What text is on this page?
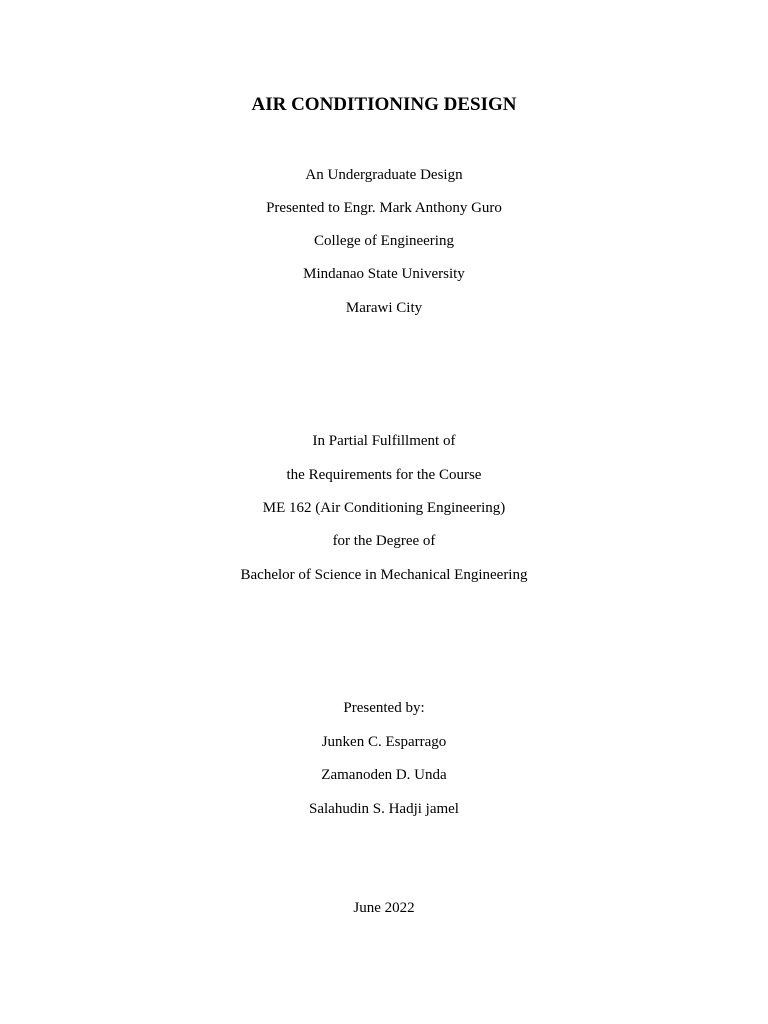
AIR CONDITIONING DESIGN
An Undergraduate Design
Presented to Engr. Mark Anthony Guro
College of Engineering
Mindanao State University
Marawi City
In Partial Fulfillment of
the Requirements for the Course
ME 162 (Air Conditioning Engineering)
for the Degree of
Bachelor of Science in Mechanical Engineering
Presented by:
Junken C. Esparrago
Zamanoden D. Unda
Salahudin S. Hadji jamel
June 2022
